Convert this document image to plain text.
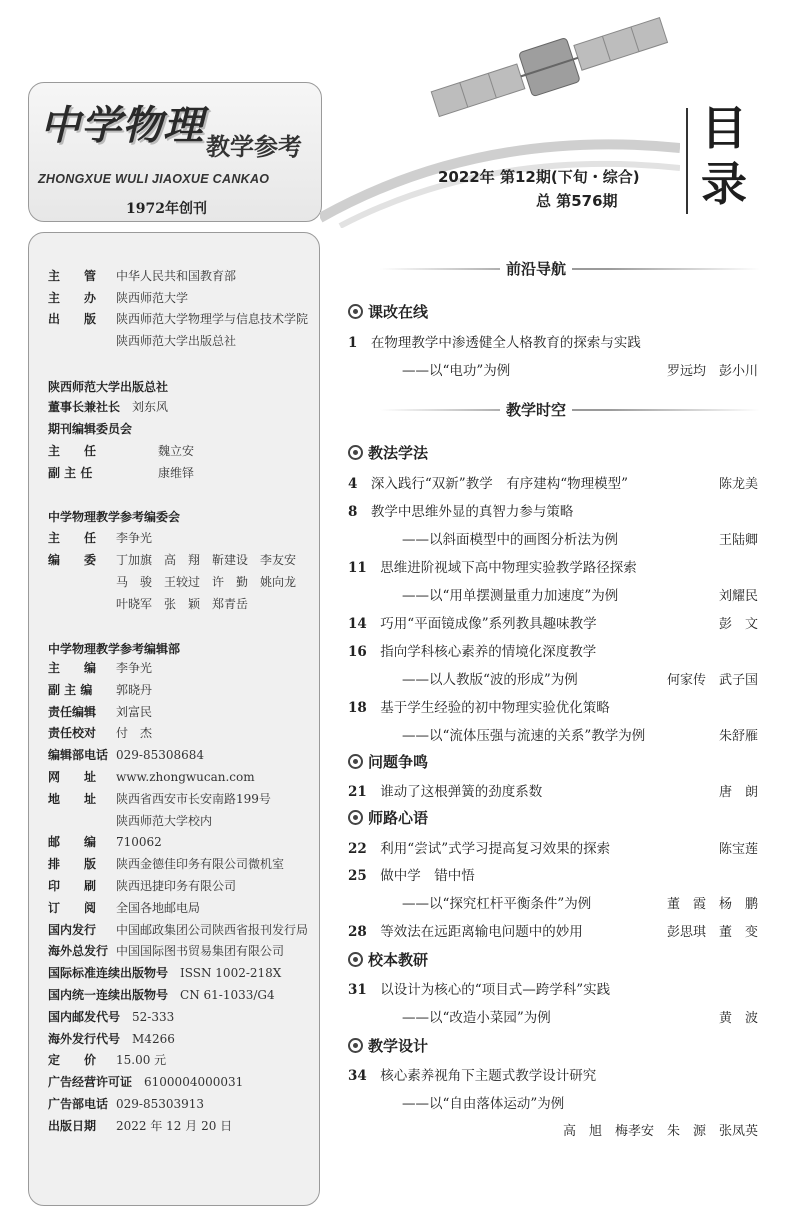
中学物理 教学参考
ZHONGXUE WULI JIAOXUE CANKAO
1972年创刊
2022年 第12期(下旬・综合)
总 第576期
目录
主　　管 中华人民共和国教育部
主　　办 陕西师范大学
出　　版 陕西师范大学物理学与信息技术学院
陕西师范大学出版总社
陕西师范大学出版总社
董事长兼社长 刘东风
期刊编辑委员会
主　　任	魏立安
副 主 任	康维铎
中学物理教学参考编委会
主　　任 李争光
编　　委 丁加旗　高　翔　靳建设　李友安
马　骏　王较过　许　勤　姚向龙
叶晓军　张　颖　郑青岳
中学物理教学参考编辑部
主　　编 李争光
副 主 编 郭晓丹
责任编辑 刘富民
责任校对 付　杰
编辑部电话 029-85308684
网　　址 www.zhongwucan.com
地　　址 陕西省西安市长安南路199号
陕西师范大学校内
邮　　编 710062
排　　版 陕西金德佳印务有限公司微机室
印　　刷 陕西迅捷印务有限公司
订　　阅 全国各地邮电局
国内发行 中国邮政集团公司陕西省报刊发行局
海外总发行 中国国际图书贸易集团有限公司
国际标准连续出版物号 ISSN 1002-218X
国内统一连续出版物号 CN 61-1033/G4
国内邮发代号 52-333
海外发行代号 M4266
定　　价 15.00 元
广告经营许可证 6100004000031
广告部电话 029-85303913
出版日期 2022 年 12 月 20 日
前沿导航
课改在线
1　 在物理教学中渗透健全人格教育的探索与实践
——以“电功”为例	罗远均　彭小川
教学时空
教法学法
4　 深入践行“双新”教学　有序建构“物理模型”	陈龙美
8　 教学中思维外显的真智力参与策略
——以斜面模型中的画图分析法为例	王陆卿
11　 思维进阶视域下高中物理实验教学路径探索
——以“用单摆测量重力加速度”为例	刘耀民
14　 巧用“平面镜成像”系列教具趣味教学	彭　文
16　 指向学科核心素养的情境化深度教学
——以人教版“波的形成”为例	何家传　武子国
18　 基于学生经验的初中物理实验优化策略
——以“流体压强与流速的关系”教学为例	朱舒雁
问题争鸣
21　 谁动了这根弹簧的劲度系数	唐　朗
师路心语
22　 利用“尝试”式学习提高复习效果的探索	陈宝莲
25　 做中学　错中悟
——以“探究杠杆平衡条件”为例	董　霞　杨　鹏
28　 等效法在远距离输电问题中的妙用	彭思琪　董　变
校本教研
31　 以设计为核心的“项目式—跨学科”实践
——以“改造小菜园”为例	黄　波
教学设计
34　 核心素养视角下主题式教学设计研究
——以“自由落体运动”为例
高　旭　梅孝安　朱　源　张凤英
